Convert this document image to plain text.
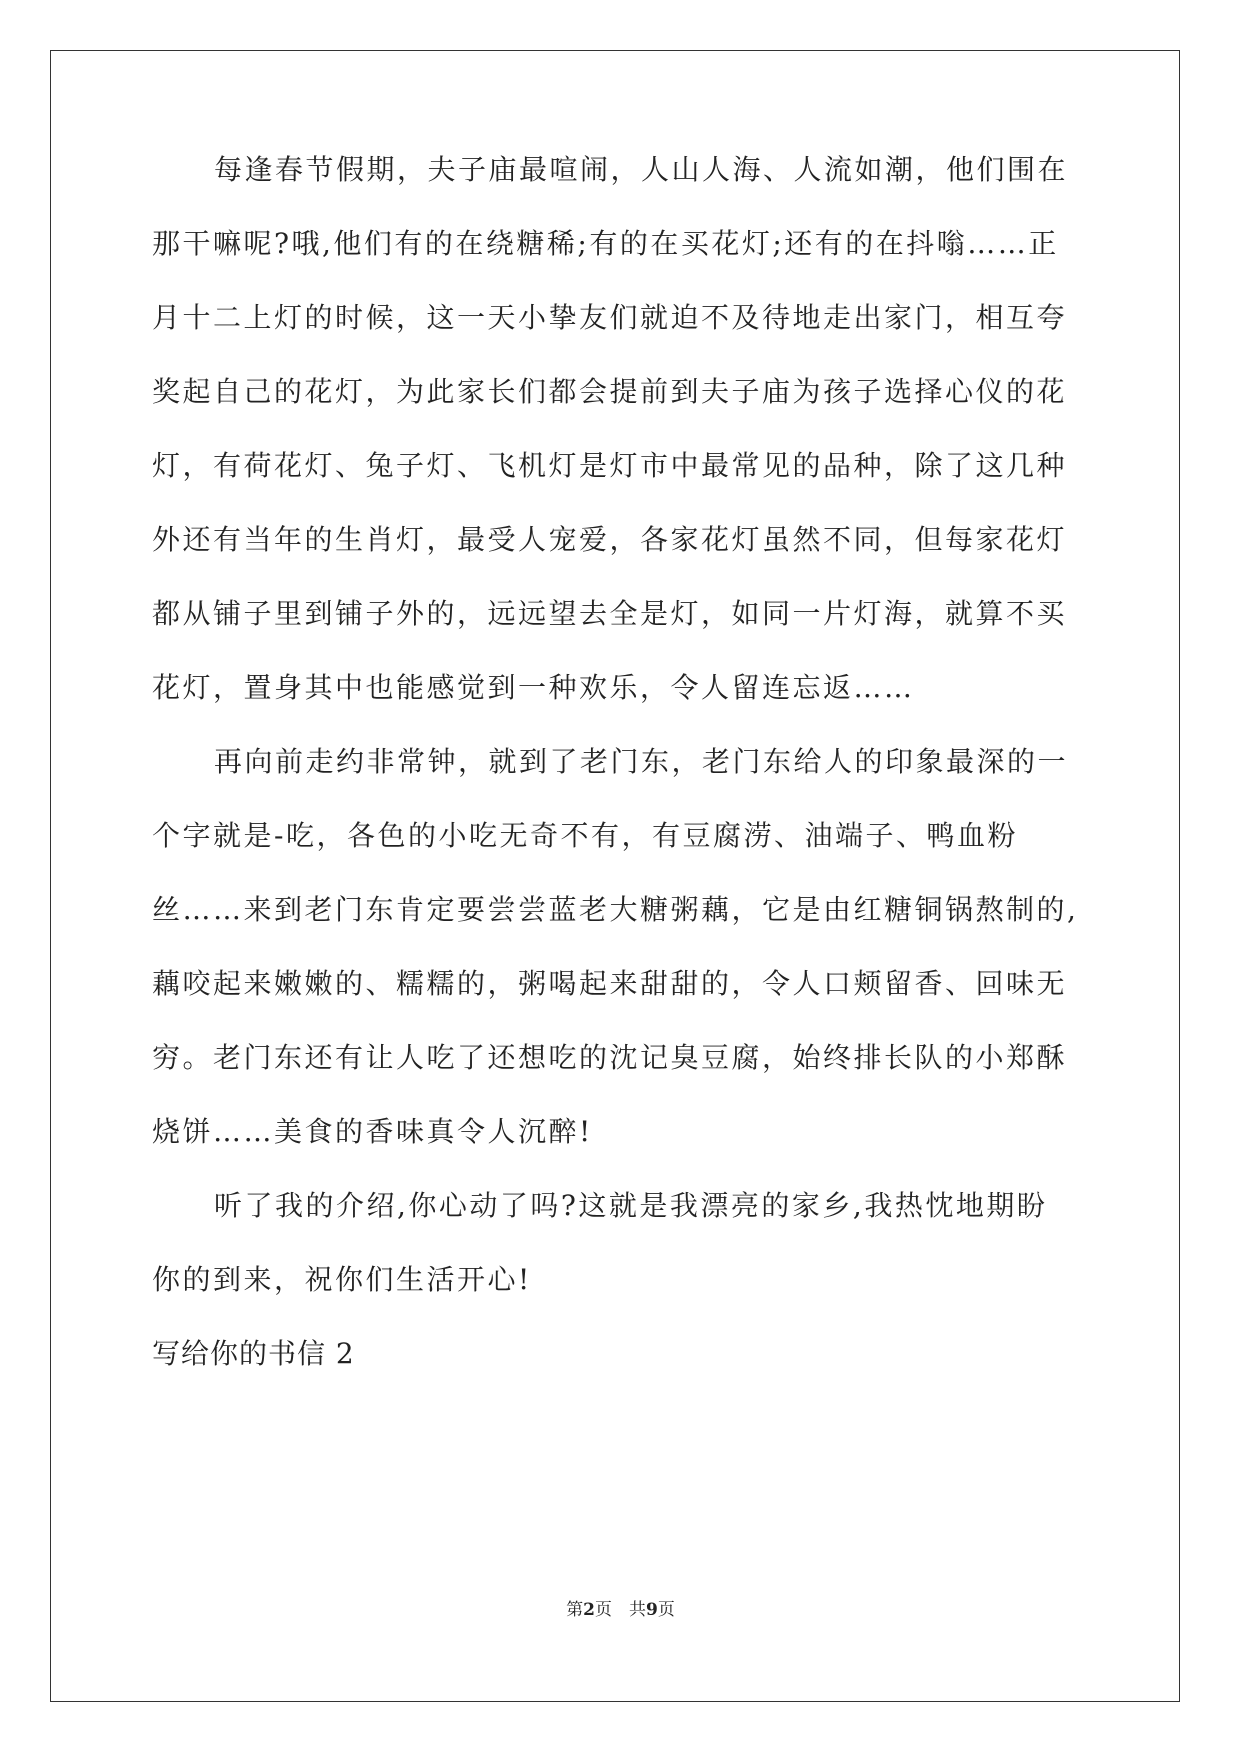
每逢春节假期，夫子庙最喧闹，人山人海、人流如潮，他们围在
那干嘛呢?哦,他们有的在绕糖稀;有的在买花灯;还有的在抖嗡……正
月十二上灯的时候，这一天小挚友们就迫不及待地走出家门，相互夸
奖起自己的花灯，为此家长们都会提前到夫子庙为孩子选择心仪的花
灯，有荷花灯、兔子灯、飞机灯是灯市中最常见的品种，除了这几种
外还有当年的生肖灯，最受人宠爱，各家花灯虽然不同，但每家花灯
都从铺子里到铺子外的，远远望去全是灯，如同一片灯海，就算不买
花灯，置身其中也能感觉到一种欢乐，令人留连忘返……
再向前走约非常钟，就到了老门东，老门东给人的印象最深的一
个字就是-吃，各色的小吃无奇不有，有豆腐涝、油端子、鸭血粉
丝……来到老门东肯定要尝尝蓝老大糖粥藕，它是由红糖铜锅熬制的,
藕咬起来嫩嫩的、糯糯的，粥喝起来甜甜的，令人口颊留香、回味无
穷。老门东还有让人吃了还想吃的沈记臭豆腐，始终排长队的小郑酥
烧饼……美食的香味真令人沉醉!
听了我的介绍,你心动了吗?这就是我漂亮的家乡,我热忱地期盼
你的到来，祝你们生活开心!
写给你的书信 2
第2页　共9页
